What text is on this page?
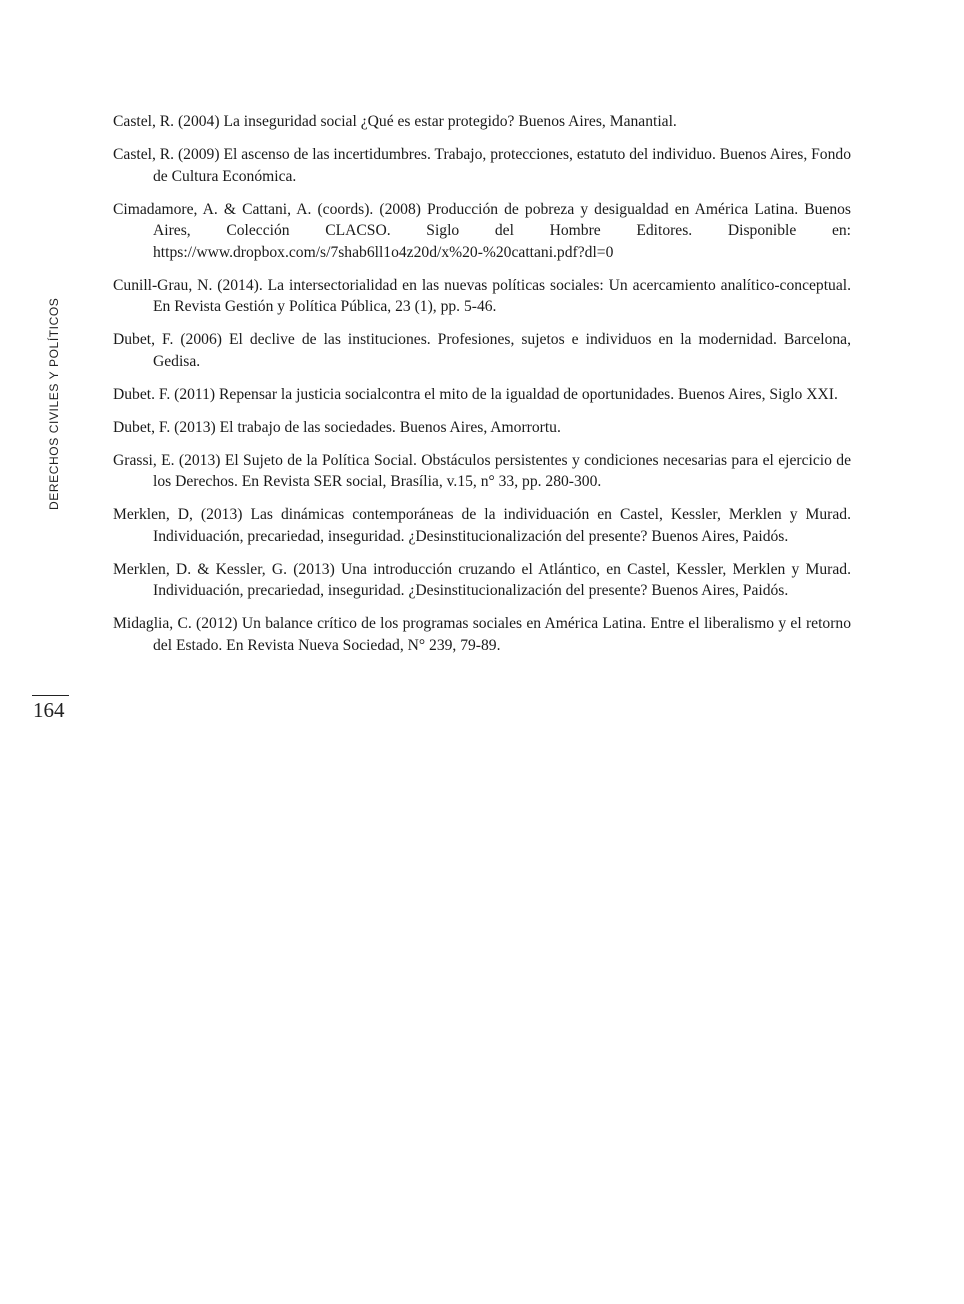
DERECHOS CIVILES Y POLÍTICOS
Castel, R. (2004) La inseguridad social ¿Qué es estar protegido? Buenos Aires, Manantial.
Castel, R. (2009) El ascenso de las incertidumbres. Trabajo, protecciones, estatuto del individuo. Buenos Aires, Fondo de Cultura Económica.
Cimadamore, A. & Cattani, A. (coords). (2008) Producción de pobreza y desigualdad en América Latina. Buenos Aires, Colección CLACSO. Siglo del Hombre Editores. Disponible en: https://www.dropbox.com/s/7shab6ll1o4z20d/x%20-%20cattani.pdf?dl=0
Cunill-Grau, N. (2014). La intersectorialidad en las nuevas políticas sociales: Un acercamiento analítico-conceptual. En Revista Gestión y Política Pública, 23 (1), pp. 5-46.
Dubet, F. (2006) El declive de las instituciones. Profesiones, sujetos e individuos en la modernidad. Barcelona, Gedisa.
Dubet. F. (2011) Repensar la justicia socialcontra el mito de la igualdad de oportunidades. Buenos Aires, Siglo XXI.
Dubet, F. (2013) El trabajo de las sociedades. Buenos Aires, Amorrortu.
Grassi, E. (2013) El Sujeto de la Política Social. Obstáculos persistentes y condiciones necesarias para el ejercicio de los Derechos. En Revista SER social, Brasília, v.15, n° 33, pp. 280-300.
Merklen, D, (2013) Las dinámicas contemporáneas de la individuación en Castel, Kessler, Merklen y Murad. Individuación, precariedad, inseguridad. ¿Desinstitucionalización del presente? Buenos Aires, Paidós.
Merklen, D. & Kessler, G. (2013) Una introducción cruzando el Atlántico, en Castel, Kessler, Merklen y Murad. Individuación, precariedad, inseguridad. ¿Desinstitucionalización del presente? Buenos Aires, Paidós.
Midaglia, C. (2012) Un balance crítico de los programas sociales en América Latina. Entre el liberalismo y el retorno del Estado. En Revista Nueva Sociedad, N° 239, 79-89.
164
